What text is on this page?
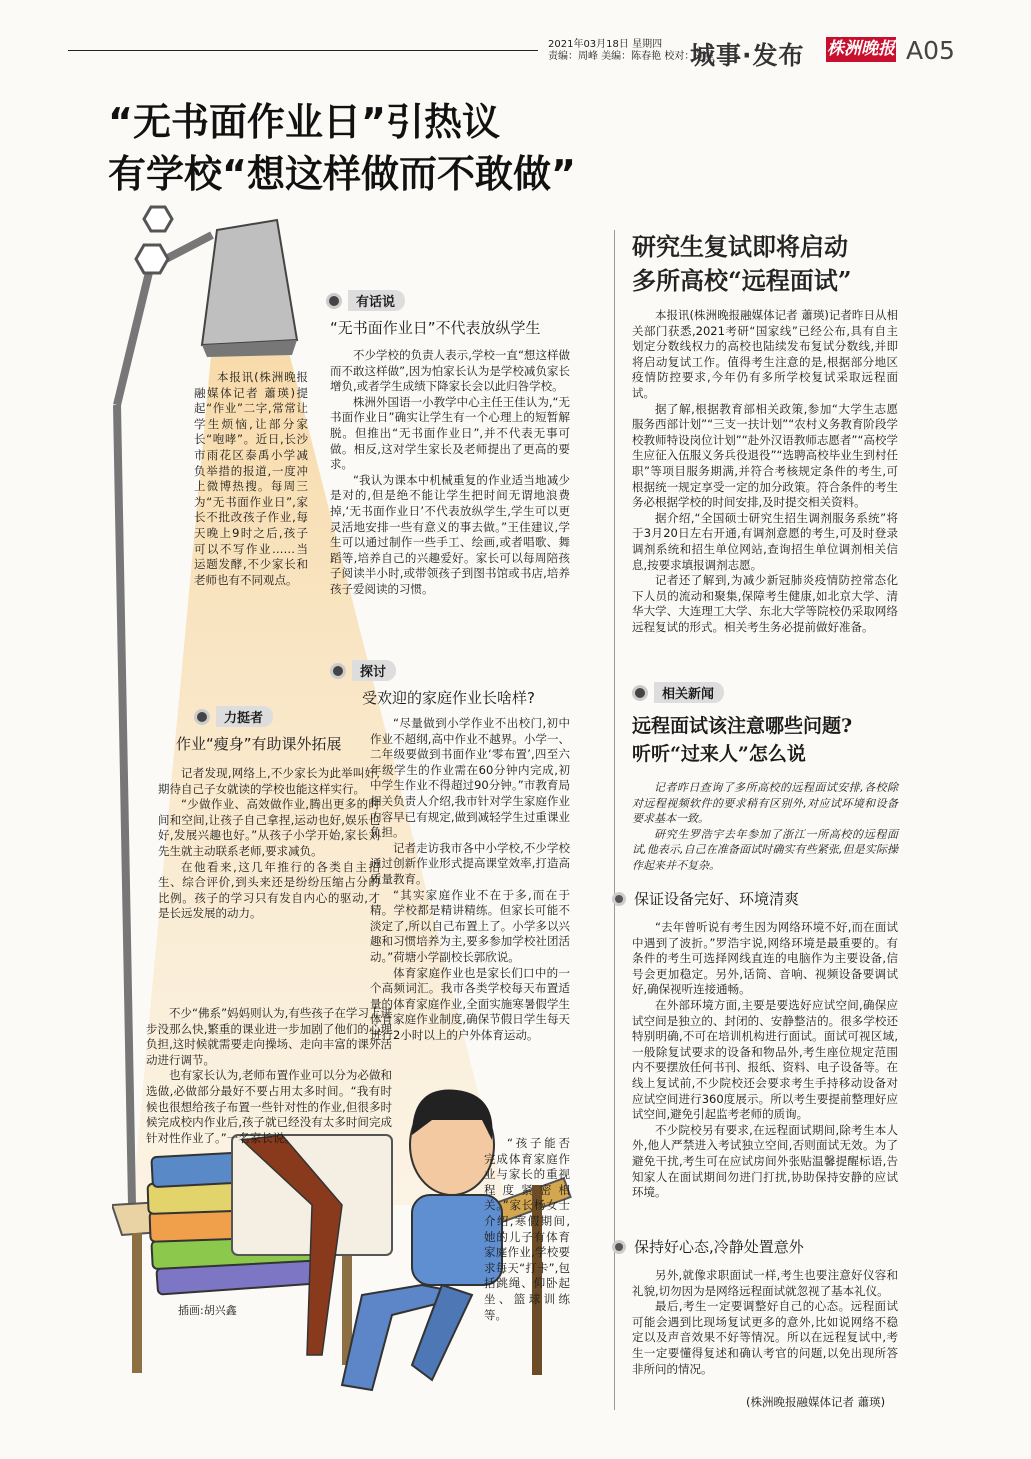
2021年03月18日 星期四
责编：周峰 美编：陈春艳 校对：刘星
城事·发布 株洲晚报 A05
“无书面作业日”引热议
有学校“想这样做而不敢做”

本报讯(株洲晚报融媒体记者 蕭瑛)提起“作业”二字,常常让学生烦恼,让部分家长“咆哮”。近日,长沙市雨花区泰禹小学减负举措的报道,一度冲上微博热搜。每周三为“无书面作业日”,家长不批改孩子作业,每天晚上9时之后,孩子可以不写作业……当运题发酵,不少家长和老师也有不同观点。

有话说
“无书面作业日”不代表放纵学生

不少学校的负责人表示,学校一直“想这样做而不敢这样做”,因为怕家长认为是学校减负家长增负,或者学生成绩下降家长会以此归咎学校。

株洲外国语一小教学中心主任王佳认为,“无书面作业日”确实让学生有一个心理上的短暂解脱。但推出“无书面作业日”,并不代表无事可做。相反,这对学生家长及老师提出了更高的要求。

“我认为课本中机械重复的作业适当地减少是对的,但是绝不能让学生把时间无谓地浪费掉,‘无书面作业日’不代表放纵学生,学生可以更灵活地安排一些有意义的事去做。”王佳建议,学生可以通过制作一些手工、绘画,或者唱歌、舞蹈等,培养自己的兴趣爱好。家长可以每周陪孩子阅读半小时,或带领孩子到图书馆或书店,培养孩子爱阅读的习惯。

探讨
受欢迎的家庭作业长啥样?

“尽量做到小学作业不出校门,初中作业不超纲,高中作业不越界。小学一、二年级要做到书面作业‘零布置’,四至六年级学生的作业需在60分钟内完成,初中学生作业不得超过90分钟。”市教育局相关负责人介绍,我市针对学生家庭作业内容早已有规定,做到减轻学生过重课业负担。

记者走访我市各中小学校,不少学校通过创新作业形式提高课堂效率,打造高质量教育。

“其实家庭作业不在于多,而在于精。学校都是精讲精练。但家长可能不淡定了,所以自己布置上了。小学多以兴趣和习惯培养为主,要多参加学校社团活动。”荷塘小学副校长郭欣说。

体育家庭作业也是家长们口中的一个高频词汇。我市各类学校每天布置适量的体育家庭作业,全面实施寒暑假学生体育家庭作业制度,确保节假日学生每天进行2小时以上的户外体育运动。

“孩子能否完成体育家庭作业与家长的重视程度紧密相关。”家长杨女士介绍,寒假期间,她的儿子有体育家庭作业,学校要求每天“打卡”,包括跳绳、仰卧起坐、篮球训练等。

力挺者
作业“瘦身”有助课外拓展

记者发现,网络上,不少家长为此举叫好,期待自己子女就读的学校也能这样实行。

“少做作业、高效做作业,腾出更多的时间和空间,让孩子自己拿捏,运动也好,娱乐也好,发展兴趣也好。”从孩子小学开始,家长刘先生就主动联系老师,要求减负。

在他看来,这几年推行的各类自主招生、综合评价,到头来还是纷纷压缩占分的比例。孩子的学习只有发自内心的驱动,才是长远发展的动力。

不少“佛系”妈妈则认为,有些孩子在学习上进步没那么快,繁重的课业进一步加剧了他们的心理负担,这时候就需要走向操场、走向丰富的课外活动进行调节。

也有家长认为,老师布置作业可以分为必做和选做,必做部分最好不要占用太多时间。“我有时候也很想给孩子布置一些针对性的作业,但很多时候完成校内作业后,孩子就已经没有太多时间完成针对性作业了。”一名家长说。

插画:胡兴鑫
研究生复试即将启动
多所高校“远程面试”

本报讯(株洲晚报融媒体记者 蕭瑛)记者昨日从相关部门获悉,2021考研“国家线”已经公布,具有自主划定分数线权力的高校也陆续发布复试分数线,并即将启动复试工作。值得考生注意的是,根据部分地区疫情防控要求,今年仍有多所学校复试采取远程面试。

据了解,根据教育部相关政策,参加“大学生志愿服务西部计划”“三支一扶计划”“农村义务教育阶段学校教师特设岗位计划”“赴外汉语教师志愿者”“高校学生应征入伍服义务兵役退役”“选聘高校毕业生到村任职”等项目服务期满,并符合考核规定条件的考生,可根据统一规定享受一定的加分政策。符合条件的考生务必根据学校的时间安排,及时提交相关资料。

据介绍,“全国硕士研究生招生调剂服务系统”将于3月20日左右开通,有调剂意愿的考生,可及时登录调剂系统和招生单位网站,查询招生单位调剂相关信息,按要求填报调剂志愿。

记者还了解到,为减少新冠肺炎疫情防控常态化下人员的流动和聚集,保障考生健康,如北京大学、清华大学、大连理工大学、东北大学等院校仍采取网络远程复试的形式。相关考生务必提前做好准备。

相关新闻
远程面试该注意哪些问题?
听听“过来人”怎么说

记者昨日查询了多所高校的远程面试安排,各校除对远程视频软件的要求稍有区别外,对应试环境和设备要求基本一致。

研究生罗浩宇去年参加了浙江一所高校的远程面试,他表示,自己在准备面试时确实有些紧张,但是实际操作起来并不复杂。

保证设备完好、环境清爽

“去年曾听说有考生因为网络环境不好,而在面试中遇到了波折。”罗浩宇说,网络环境是最重要的。有条件的考生可选择网线直连的电脑作为主要设备,信号会更加稳定。另外,话筒、音响、视频设备要调试好,确保视听连接通畅。

在外部环境方面,主要是要选好应试空间,确保应试空间是独立的、封闭的、安静整洁的。很多学校还特别明确,不可在培训机构进行面试。面试可视区域,一般除复试要求的设备和物品外,考生座位规定范围内不要摆放任何书刊、报纸、资料、电子设备等。在线上复试前,不少院校还会要求考生手持移动设备对应试空间进行360度展示。所以考生要提前整理好应试空间,避免引起监考老师的质询。

不少院校另有要求,在远程面试期间,除考生本人外,他人严禁进入考试独立空间,否则面试无效。为了避免干扰,考生可在应试房间外张贴温馨提醒标语,告知家人在面试期间勿进门打扰,协助保持安静的应试环境。

保持好心态,冷静处置意外

另外,就像求职面试一样,考生也要注意好仪容和礼貌,切勿因为是网络远程面试就忽视了基本礼仪。

最后,考生一定要调整好自己的心态。远程面试可能会遇到比现场复试更多的意外,比如说网络不稳定以及声音效果不好等情况。所以在远程复试中,考生一定要懂得复述和确认考官的问题,以免出现所答非所问的情况。

(株洲晚报融媒体记者 蕭瑛)
